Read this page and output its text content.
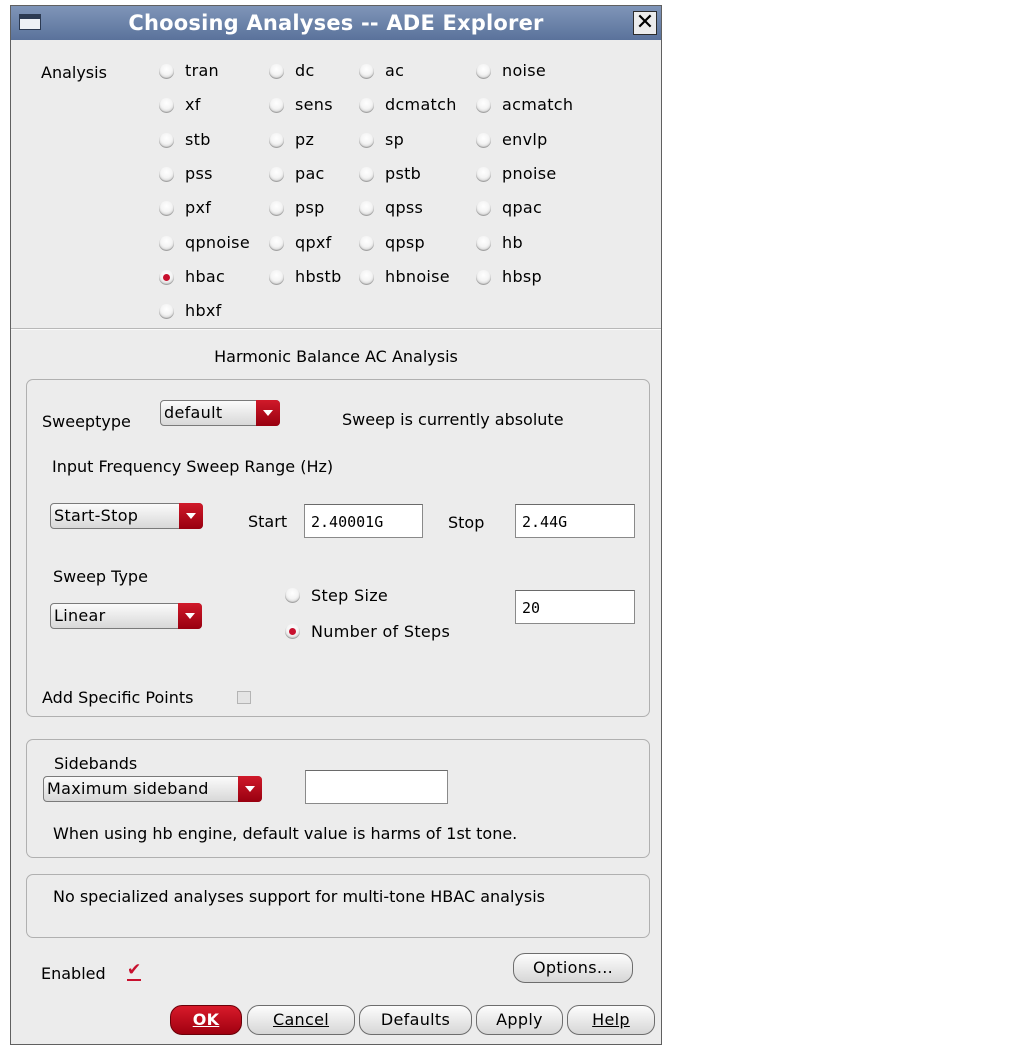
Choosing Analyses -- ADE Explorer	✕
Analysis	tran	dc	ac	noise
xf	sens	dcmatch	acmatch
stb	pz	sp	envlp
pss	pac	pstb	pnoise
pxf	psp	qpss	qpac
qpnoise	qpxf	qpsp	hb
hbac	hbstb	hbnoise	hbsp
hbxf
Harmonic Balance AC Analysis
Sweeptype default	Sweep is currently absolute
Input Frequency Sweep Range (Hz)
Start-Stop	Start	2.40001G	Stop	2.44G
Sweep Type
Linear
Step Size
Number of Steps
20
Add Specific Points
Sidebands
Maximum sideband
When using hb engine, default value is harms of 1st tone.
No specialized analyses support for multi-tone HBAC analysis
Enabled ✔	Options...
OK	Cancel	Defaults	Apply	Help
